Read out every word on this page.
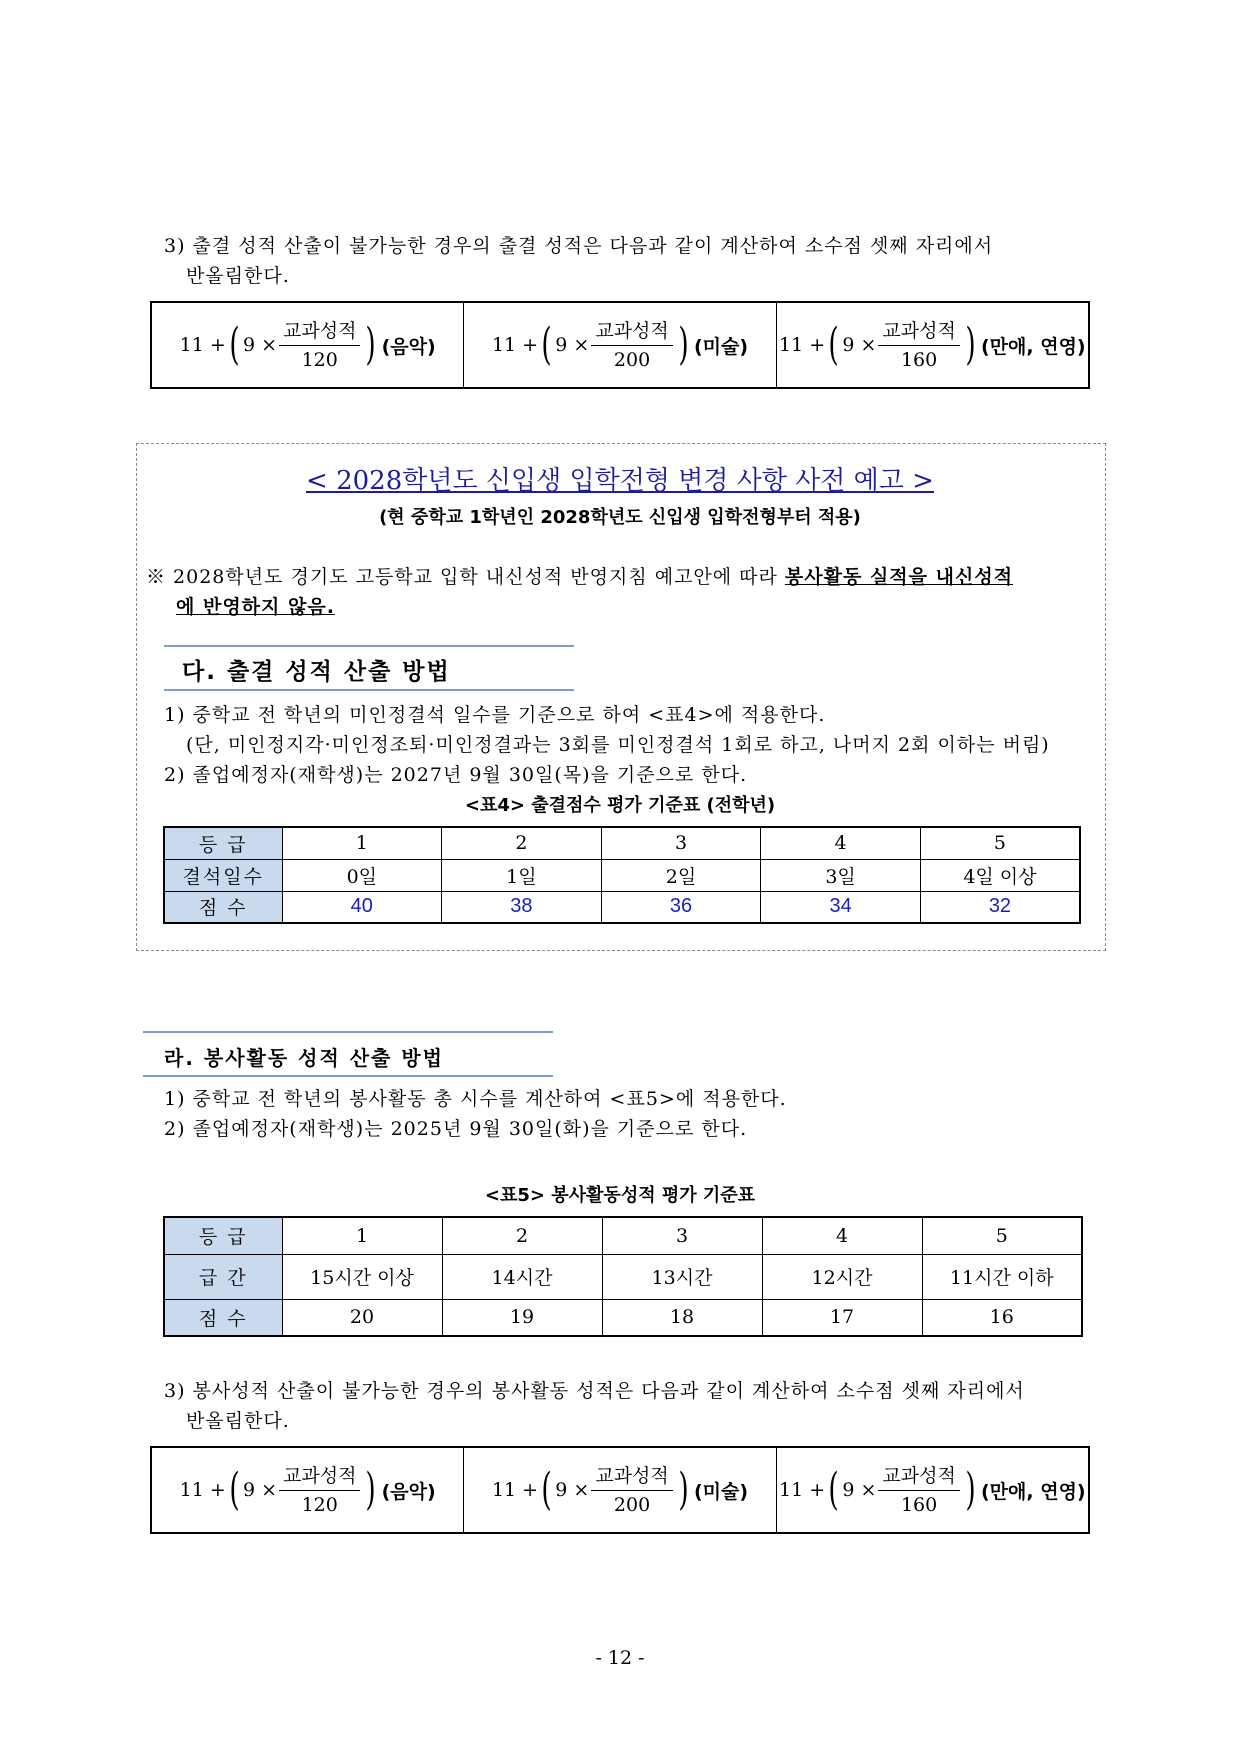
3) 출결 성적 산출이 불가능한 경우의 출결 성적은 다음과 같이 계산하여 소수점 셋째 자리에서
반올림한다.
11 + ( $9 \times \frac{\text{교과성적}}{120}$ ) (음악)	11 + ( $9 \times \frac{\text{교과성적}}{200}$ ) (미술) 11 + ( $9 \times \frac{\text{교과성적}}{160}$ ) (만애, 연영)
< 2028학년도 신입생 입학전형 변경 사항 사전 예고 >
(현 중학교 1학년인 2028학년도 신입생 입학전형부터 적용)
※ 2028학년도 경기도 고등학교 입학 내신성적 반영지침 예고안에 따라 봉사활동 실적을 내신성적
에 반영하지 않음.
다. 출결 성적 산출 방법
1) 중학교 전 학년의 미인정결석 일수를 기준으로 하여 <표4>에 적용한다.
(단, 미인정지각·미인정조퇴·미인정결과는 3회를 미인정결석 1회로 하고, 나머지 2회 이하는 버림)
2) 졸업예정자(재학생)는 2027년 9월 30일(목)을 기준으로 한다.
<표4> 출결점수 평가 기준표 (전학년)
등 급	1	2	3	4	5
결석일수	0일	1일	2일	3일	4일 이상
점 수	40	38	36	34	32
라. 봉사활동 성적 산출 방법
1) 중학교 전 학년의 봉사활동 총 시수를 계산하여 <표5>에 적용한다.
2) 졸업예정자(재학생)는 2025년 9월 30일(화)을 기준으로 한다.
<표5> 봉사활동성적 평가 기준표
등 급	1	2	3	4	5
급 간	15시간 이상	14시간	13시간	12시간	11시간 이하
점 수	20	19	18	17	16
3) 봉사성적 산출이 불가능한 경우의 봉사활동 성적은 다음과 같이 계산하여 소수점 셋째 자리에서
반올림한다.
11 + ( $9 \times \frac{\text{교과성적}}{120}$ ) (음악)	11 + ( $9 \times \frac{\text{교과성적}}{200}$ ) (미술) 11 + ( $9 \times \frac{\text{교과성적}}{160}$ ) (만애, 연영)
- 12 -
